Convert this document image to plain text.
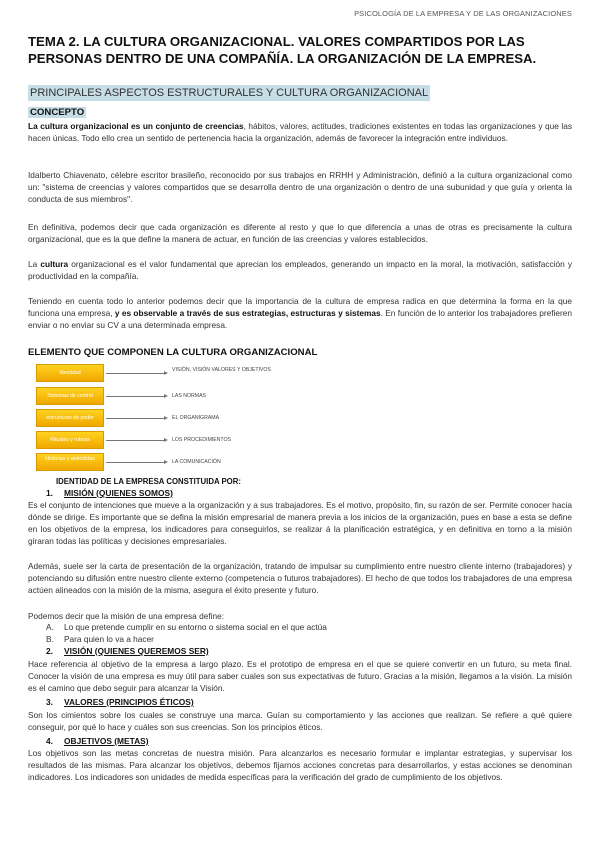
PSICOLOGÍA DE LA EMPRESA Y DE LAS ORGANIZACIONES
TEMA 2. LA CULTURA ORGANIZACIONAL. VALORES COMPARTIDOS POR LAS PERSONAS DENTRO DE UNA COMPAÑÍA. LA ORGANIZACIÓN DE LA EMPRESA.
PRINCIPALES ASPECTOS ESTRUCTURALES Y CULTURA ORGANIZACIONAL
CONCEPTO

La cultura organizacional es un conjunto de creencias, hábitos, valores, actitudes, tradiciones existentes en todas las organizaciones y que las hacen únicas. Todo ello crea un sentido de pertenencia hacia la organización, además de favorecer la integración entre individuos.

Idalberto Chiavenato, célebre escritor brasileño, reconocido por sus trabajos en RRHH y Administración, definió a la cultura organizacional como un: "sistema de creencias y valores compartidos que se desarrolla dentro de una organización o dentro de una subunidad y que guía y orienta la conducta de sus miembros".

En definitiva, podemos decir que cada organización es diferente al resto y que lo que diferencia a unas de otras es precisamente la cultura organizacional, que es la que define la manera de actuar, en función de las creencias y valores establecidos.

La cultura organizacional es el valor fundamental que aprecian los empleados, generando un impacto en la moral, la motivación, satisfacción y productividad en la compañía.

Teniendo en cuenta todo lo anterior podemos decir que la importancia de la cultura de empresa radica en que determina la forma en la que funciona una empresa, y es observable a través de sus estrategias, estructuras y sistemas. En función de lo anterior los trabajadores prefieren enviar o no enviar su CV a una determinada empresa.

ELEMENTO QUE COMPONEN LA CULTURA ORGANIZACIONAL
Identidad	VISIÓN, VISIÓN VALORES Y OBJETIVOS
Sistemas de control	LAS NORMAS
estructuras de poder	EL ORGANIGRAMA
Rituales y rutinas	LOS PROCEDIMIENTOS
Historias y anécdotas	LA COMUNICACIÓN
IDENTIDAD DE LA EMPRESA CONSTITUIDA POR:
1. MISIÓN (QUIENES SOMOS)

Es el conjunto de intenciones que mueve a la organización y a sus trabajadores. Es el motivo, propósito, fin, su razón de ser. Permite conocer hacia dónde se dirige. Es importante que se defina la misión empresarial de manera previa a los inicios de la organización, pues en base a esta se define en los objetivos de la empresa, los indicadores para conseguirlos, se realizar á la planificación estratégica, y en definitiva en torno a la misión giraran todas las políticas y decisiones empresariales.

Además, suele ser la carta de presentación de la organización, tratando de impulsar su cumplimiento entre nuestro cliente interno (trabajadores) y potenciando su difusión entre nuestro cliente externo (competencia o futuros trabajadores). El hecho de que todos los trabajadores de una empresa actúen alineados con la misión de la misma, asegura el éxito presente y futuro.

Podemos decir que la misión de una empresa define:

A. Lo que pretende cumplir en su entorno o sistema social en el que actúa
B. Para quien lo va a hacer
2. VISIÓN (QUIENES QUEREMOS SER)

Hace referencia al objetivo de la empresa a largo plazo. Es el prototipo de empresa en el que se quiere convertir en un futuro, su meta final. Conocer la visión de una empresa es muy útil para saber cuales son sus expectativas de futuro. Gracias a la misión, llegamos a la visión. La misión es el camino que debo seguir para alcanzar la Visión.

3. VALORES (PRINCIPIOS ÉTICOS)

Son los cimientos sobre los cuales se construye una marca. Guían su comportamiento y las acciones que realizan. Se refiere a qué quiere conseguir, por qué lo hace y cuáles son sus creencias. Son los principios éticos.

4. OBJETIVOS (METAS)

Los objetivos son las metas concretas de nuestra misión. Para alcanzarlos es necesario formular e implantar estrategias, y supervisar los resultados de las mismas. Para alcanzar los objetivos, debemos fijarnos acciones concretas para desarrollarlos, y estas acciones se denominan indicadores. Los indicadores son unidades de medida específicas para la verificación del grado de cumplimiento de los objetivos.
